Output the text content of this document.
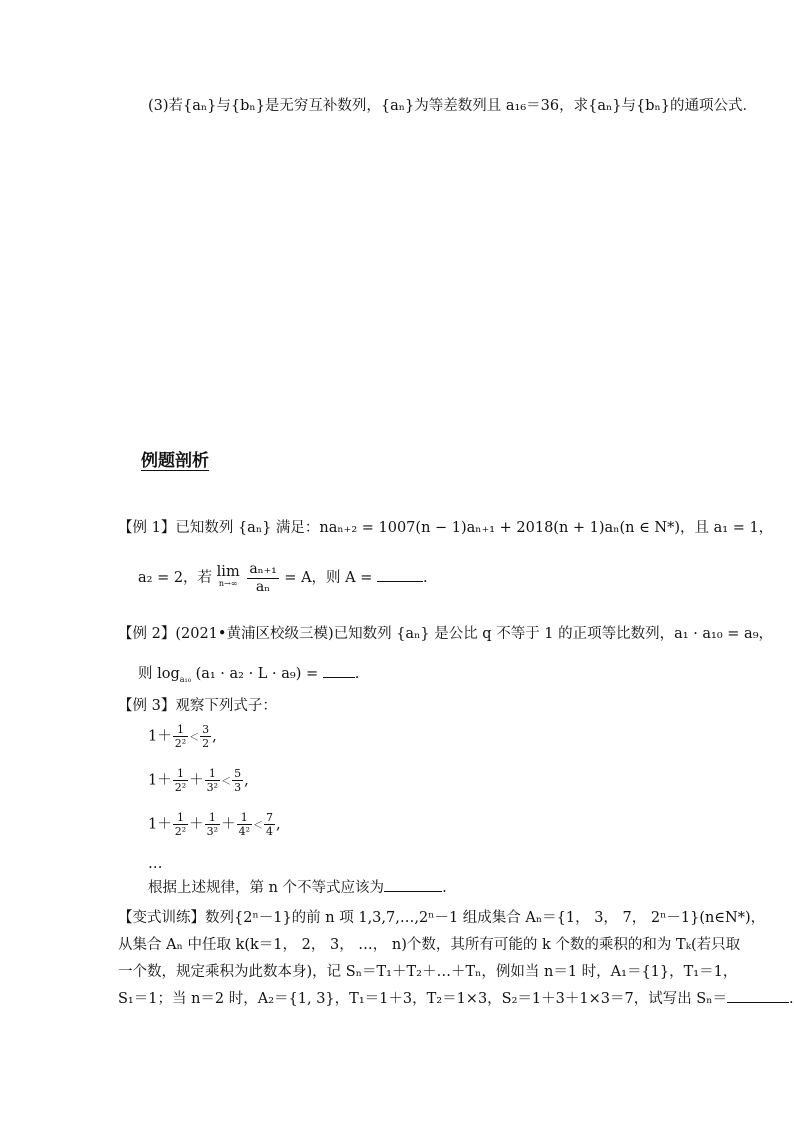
(3)若{aₙ}与{bₙ}是无穷互补数列，{aₙ}为等差数列且 a₁₆＝36，求{aₙ}与{bₙ}的通项公式．
例题剖析
【例 1】已知数列 {aₙ} 满足：naₙ₊₂ = 1007(n − 1)aₙ₊₁ + 2018(n + 1)aₙ(n ∈ N*)，且 a₁ = 1，
a₂ = 2，若 lim
n→∞
$\frac{\text{aₙ₊₁}}{\text{aₙ}} = A$，则 A =	.
【例 2】(2021•黄浦区校级三模)已知数列 {aₙ} 是公比 q 不等于 1 的正项等比数列，a₁ · a₁₀ = a₉，
则 $\log_{a_{10}} (a_1 \cdot a_2 \cdot L \cdot a_9)$ =	.
【例 3】观察下列式子：
$1+ \frac{1}{\text{2²}} < \frac{3}{2}$ ,
$1+ \frac{1}{\text{2²}} + \frac{1}{\text{3²}} < \frac{5}{3}$ ,
$1+ \frac{1}{\text{2²}} + \frac{1}{\text{3²}} + \frac{1}{\text{4²}} < \frac{7}{4}$ ,
…
根据上述规律，第 n 个不等式应该为	.
【变式训练】数列{2ⁿ－1}的前 n 项 1,3,7,…,2ⁿ－1 组成集合 Aₙ＝{1， 3， 7， 2ⁿ－1}(n∈N*)，
从集合 Aₙ 中任取 k(k＝1， 2， 3， …， n)个数，其所有可能的 k 个数的乘积的和为 Tₖ(若只取
一个数，规定乘积为此数本身)，记 Sₙ＝T₁＋T₂＋…＋Tₙ，例如当 n＝1 时，A₁＝{1}，T₁＝1，
S₁＝1；当 n＝2 时，A₂＝{1, 3}，T₁＝1＋3，T₂＝1×3，S₂＝1＋3＋1×3＝7，试写出 Sₙ＝	.
